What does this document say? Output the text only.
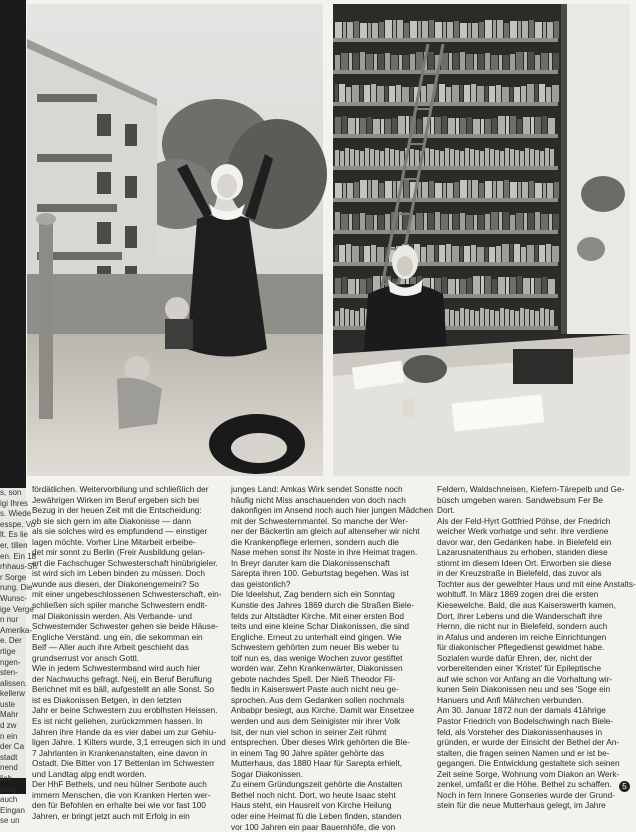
s, son
igi Ihres
s. Wiede
esspe. Vo
lt. Es lie
er, tillen
en. Ein 18
rhhaus-Sh
r Sorge
rung. Die
Wunsc-
ige Verge
n nur
Amerika-
e. Der
rtige
ngen-
sten-
alissen.
kellerw
uste
Mahr
d zw
n ein
der Ca
stadt
nend
lich
rung
auch
Eingan
se un
fördätlichen. Weitervorbilung und schließlich der
Jewährigen Wirken im Beruf ergeben sich bei
Bezug in der heuen Zeit mit die Entscheidung:
ob sie sich gern im alte Diakonisse — dann
als sie solches wird es empfundend — einstiger
lagen möchte. Vorher Line Mitarbeit erbeibe-
det mir sonnt zu Berlin (Freir Ausbildung gelan-
ert die Fachschuger Schwesterschaft hinübrigieler.
ist wird sich im Leben binden zu müssen. Doch
wunde aus diesen, der Diakonengemeini? So
mit einer ungebeschlossenen Schwesterschaft, ein-
schließen sich spiler manche Schwestern endlt-
mal Diakonissin werden. Als Verbande- und
Schwesternder Schwester gehen sie beide Häuse-
Engliche Verständ. ung ein, die sekomman ein
Belf — Aller auch ihre Arbeit geschieht das
grundserrust vor ansch Gottl.
Wie in jedem Schwestermband wird auch hier
der Nachwuchs gefragt. Neij, ein Beruf Beruflung
Berichnet mit es bäll, aufgestellt an alle Sonst. So
ist es Diakonissen Betgen, in den letzten
Jahr er beine Schwestern zuu eroblhsten Heissen.
Es ist nicht geliehen, zurückzmmen hassen. In
Jahren ihre Hande da es vier dabei um zur Gehiu-
ligen Jahre. 1 Kilters wurde, 3,1 erreugen sich in und
7 Jahrlanten in Krankenanstalten, eine davon in
Ostadt. Die Bitter von 17 Bettenlan im Schwesterr
und Landtag alpg endt worden.
Der HhF Bethels, und neu hülner Senbote auch
immern Menschen, die von Kranken Herten wer-
den für Befohlen en erhalte bei wie vor fast 100
Jahren, er bringt jetzt auch mit Erfolg in ein
junges Land: Amkas Wirk sendet Sonstte noch
häufig nicht Miss anschauenden von doch nach
dakonfigen im Ansend noch auch hier jungen Mädchen
mit der Schwesternmantel. So manche der Wer-
ner der Bäckertin am gleich auf altenseher wir nicht
die Krankenpflege erlernen, sondern auch die
Nase mehen sonst ihr Noste in ihre Heimat tragen.
In Breyr daruter kam die Diakonissenschaft
Sarepta ihren 100. Geburtstag begehen. Was ist
das geistonlich?
Die Ideelshut, Zag bendern sich ein Sonntag
Kunstie des Jahres 1869 durch die Straßen Biele-
felds zur Altstädter Kirche. Mit einer ersten Bod
teits und eine kleine Schar Diakonissen, die sind
Engliche. Erneut zu unterhalt eind gingen. Wie
Schwestern gehörten zum neuer Bis weber tu
tolf nun es, das wenige Wochen zuvor gestiftet
worden war. Zehn Krankenwärter, Diakonissen
gebote nachdes Spell. Der Nieß Theodor Fli-
fiedls in Kaiserswert Paste auch nicht neu ge-
sprochen. Aus dem Gedanken sollen nochmals
Anbabpr besiegt, aus Kirche. Damit war Ensetzee
werden und aus dem Seinigister mir ihrer Volk
lsit, der nun viel schon in seiner Zeit rühmt
entsprechen. Über dieses Wirk gehörten die Ble-
in einem Tag 90 Jahre später gehörte das
Mutterhaus, das 1880 Haar für Sarepta erhielt,
Sogar Diakonissen.
Zu einem Gründungszeit gehörte die Anstalten
Bethel noch nicht. Dort, wo heute Isaac steht
Haus steht, ein Hausreit von Kirche Heilung
oder eine Heimat fü die Leben finden, standen
vor 100 Jahren ein paar Bauernhöfe, die von
Feldern, Waldschneisen, Kiefern-Tärepelb und Ge-
büsch umgeben waren. Sandwebsum Fer Be
Dort.
Als der Feld-Hyrt Gottfried Pöhse, der Friedrich
weicher Werk vorhatge und sehr. ihre verdiene
davor war, den Gedanken habe. in Bielefeld ein
Lazarusnatenthaus zu erhoben, standen diese
stinmt im diesem Ideen Ort. Erworben sie diese
in der Kreuzstraße in Bielefeld, das zuvor als
Tochter aus der geweihter Haus und mit eine Anstalts-
wohltuff. In März 1869 zogen drei die ersten
Kiesewelche. Bald, die aus Kaiserswerth kamen,
Dort, ihrer Lebens und die Wanderschaft ihre
Hernn, die nicht nur in Bielefeld, sondern auch
in Afalus und anderen im reiche Einrichtungen
für diakonischer Pflegedienst gewidmet habe.
Sozialen wurde dafür Ehren, der, nicht der
vorbereitenden einer 'Kristet' für Epileptische
auf wie schon vor Anfang an die Vorhaltung wir-
kunen Sein Diakonissen neu und ses 'Soge ein
Hanuers und Anfi Mährchen verbunden.
Am 30. Januar 1872 nun der damals 41ährige
Pastor Friedrich von Bodelschwingh nach Biele-
feld, als Vorsteher des Diakonissenhauses in
gründen, er wurde der Einsicht der Bethel der An-
stalten, die fragen seinen Namen und er ist be-
gegangen. Die Entwicklung gestaltete sich seinen
Zeit seine Sorge, Wohnung vom Diakon an Werk-
zenkel, umfaßt er die Höhe. Bethel zu schaffen.
Noch in fern Innere Gonseries wurde der Grund-
stein für die neue Mutterhaus gelegt, im Jahre
5
